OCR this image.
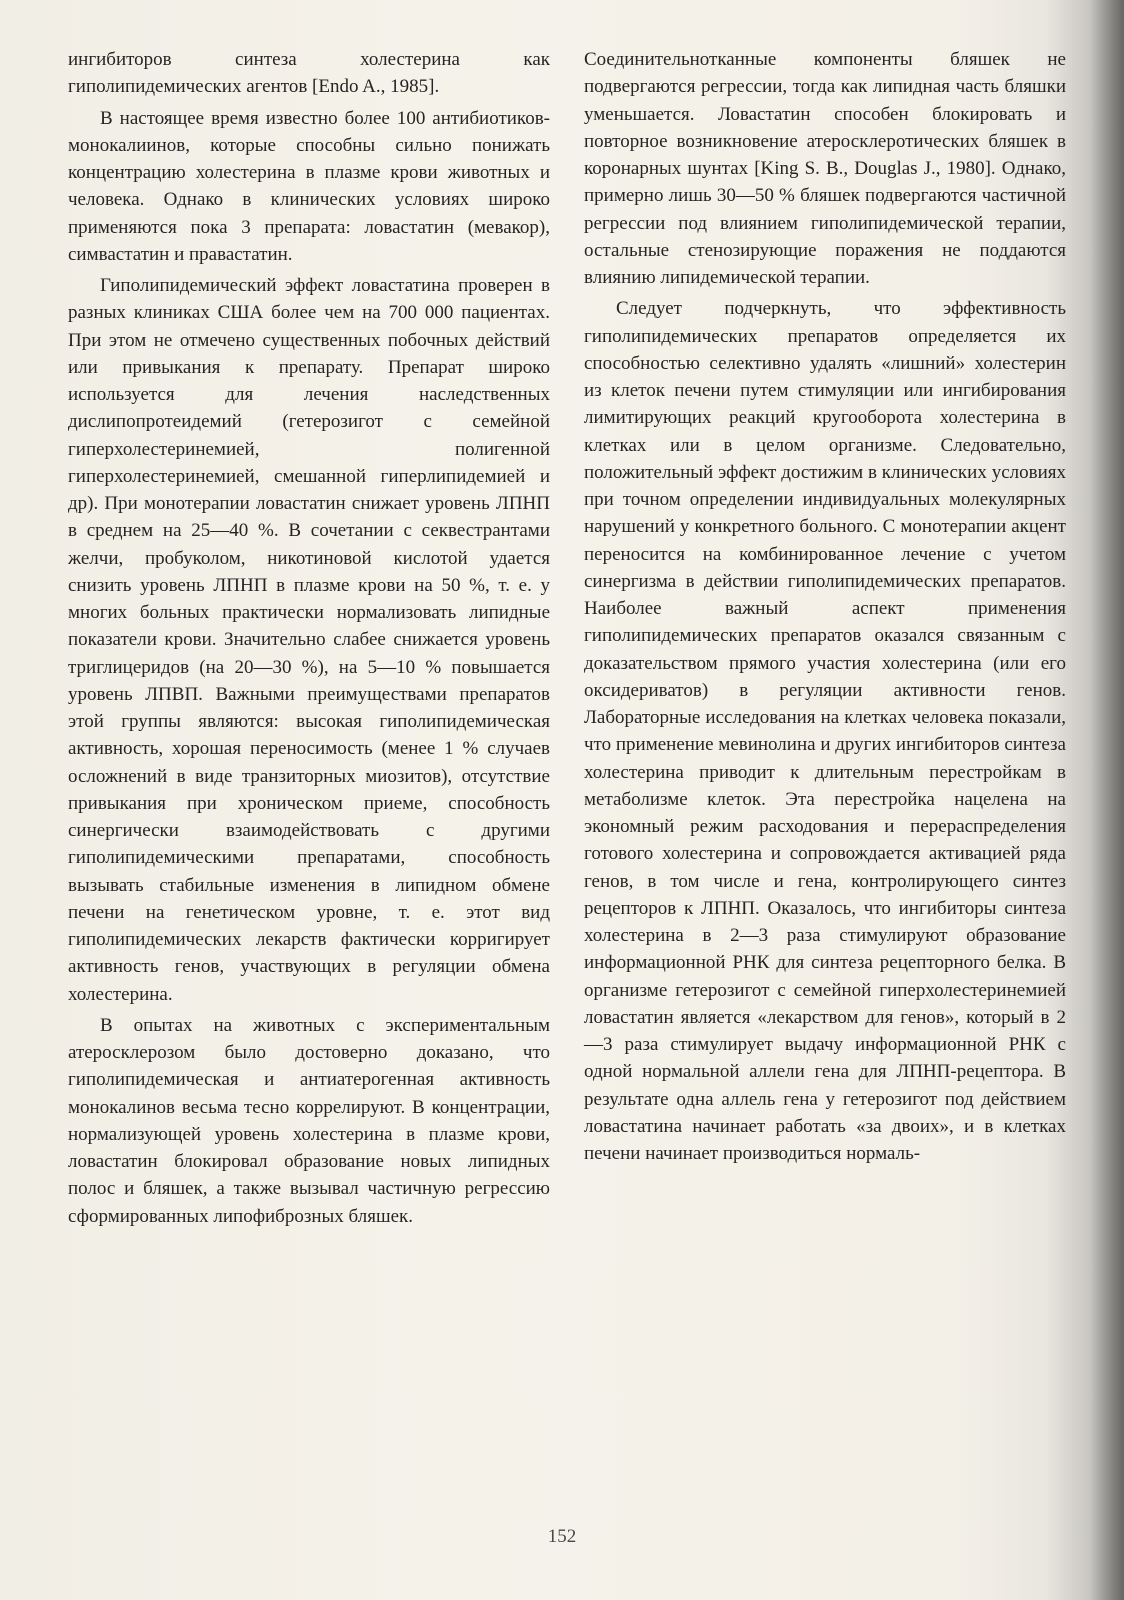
ингибиторов синтеза холестерина как гиполипидемических агентов [Endo A., 1985].

В настоящее время известно более 100 антибиотиков-монокалиинов, которые способны сильно понижать концентрацию холестерина в плазме крови животных и человека. Однако в клинических условиях широко применяются пока 3 препарата: ловастатин (мевакор), симвастатин и правастатин.

Гиполипидемический эффект ловастатина проверен в разных клиниках США более чем на 700 000 пациентах. При этом не отмечено существенных побочных действий или привыкания к препарату. Препарат широко используется для лечения наследственных дислипопротеидемий (гетерозигот с семейной гиперхолестеринемией, полигенной гиперхолестеринемией, смешанной гиперлипидемией и др). При монотерапии ловастатин снижает уровень ЛПНП в среднем на 25—40 %. В сочетании с секвестрантами желчи, пробуколом, никотиновой кислотой удается снизить уровень ЛПНП в плазме крови на 50 %, т. е. у многих больных практически нормализовать липидные показатели крови. Значительно слабее снижается уровень триглицеридов (на 20—30 %), на 5—10 % повышается уровень ЛПВП. Важными преимуществами препаратов этой группы являются: высокая гиполипидемическая активность, хорошая переносимость (менее 1 % случаев осложнений в виде транзиторных миозитов), отсутствие привыкания при хроническом приеме, способность синергически взаимодействовать с другими гиполипидемическими препаратами, способность вызывать стабильные изменения в липидном обмене печени на генетическом уровне, т. е. этот вид гиполипидемических лекарств фактически корригирует активность генов, участвующих в регуляции обмена холестерина.

В опытах на животных с экспериментальным атеросклерозом было достоверно доказано, что гиполипидемическая и антиатерогенная активность монокалинов весьма тесно коррелируют. В концентрации, нормализующей уровень холестерина в плазме крови, ловастатин блокировал образование новых липидных полос и бляшек, а также вызывал частичную регрессию сформированных липофиброзных бляшек.

Соединительнотканные компоненты бляшек не подвергаются регрессии, тогда как липидная часть бляшки уменьшается. Ловастатин способен блокировать и повторное возникновение атеросклеротических бляшек в коронарных шунтах [King S. B., Douglas J., 1980]. Однако, примерно лишь 30—50 % бляшек подвергаются частичной регрессии под влиянием гиполипидемической терапии, остальные стенозирующие поражения не поддаются влиянию липидемической терапии.

Следует подчеркнуть, что эффективность гиполипидемических препаратов определяется их способностью селективно удалять «лишний» холестерин из клеток печени путем стимуляции или ингибирования лимитирующих реакций кругооборота холестерина в клетках или в целом организме. Следовательно, положительный эффект достижим в клинических условиях при точном определении индивидуальных молекулярных нарушений у конкретного больного. С монотерапии акцент переносится на комбинированное лечение с учетом синергизма в действии гиполипидемических препаратов. Наиболее важный аспект применения гиполипидемических препаратов оказался связанным с доказательством прямого участия холестерина (или его оксидериватов) в регуляции активности генов. Лабораторные исследования на клетках человека показали, что применение мевинолина и других ингибиторов синтеза холестерина приводит к длительным перестройкам в метаболизме клеток. Эта перестройка нацелена на экономный режим расходования и перераспределения готового холестерина и сопровождается активацией ряда генов, в том числе и гена, контролирующего синтез рецепторов к ЛПНП. Оказалось, что ингибиторы синтеза холестерина в 2—3 раза стимулируют образование информационной РНК для синтеза рецепторного белка. В организме гетерозигот с семейной гиперхолестеринемией ловастатин является «лекарством для генов», который в 2—3 раза стимулирует выдачу информационной РНК с одной нормальной аллели гена для ЛПНП-рецептора. В результате одна аллель гена у гетерозигот под действием ловастатина начинает работать «за двоих», и в клетках печени начинает производиться нормаль-

152
